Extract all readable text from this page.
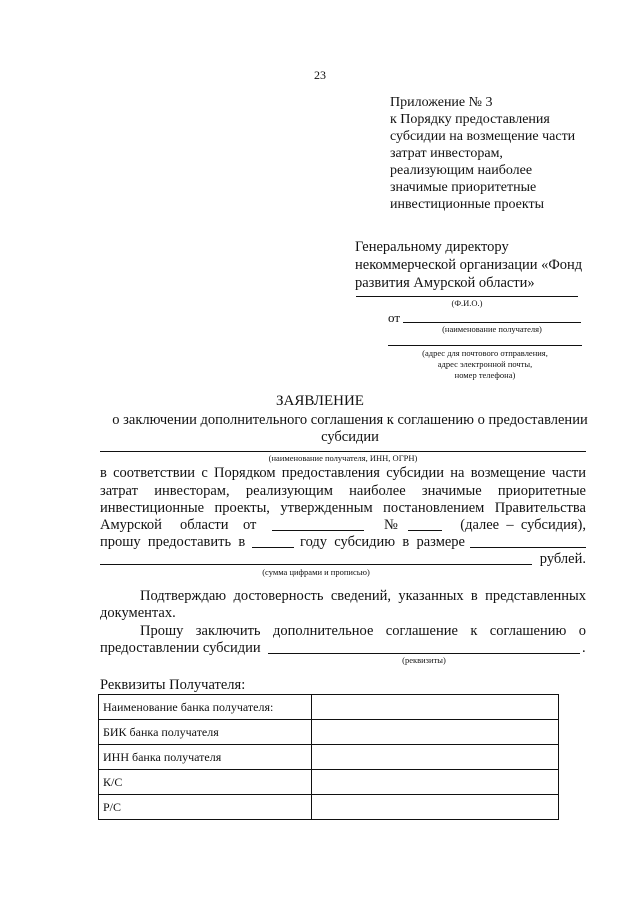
23
Приложение № 3
к Порядку предоставления
субсидии на возмещение части
затрат инвесторам,
реализующим наиболее
значимые приоритетные
инвестиционные проекты
Генеральному директору
некоммерческой организации «Фонд
развития Амурской области»
(Ф.И.О.)
от
(наименование получателя)
(адрес для почтового отправления,
адрес электронной почты,
номер телефона)
ЗАЯВЛЕНИЕ
о заключении дополнительного соглашения к соглашению о предоставлении
субсидии
(наименование получателя, ИНН, ОГРН)
в соответствии с Порядком предоставления субсидии на возмещение части
затрат инвесторам, реализующим наиболее значимые приоритетные
инвестиционные проекты, утвержденным постановлением Правительства
Амурской     области    от	№	(далее  –  субсидия),
прошу  предоставить  в	году  субсидию  в  размере
рублей.
(сумма цифрами и прописью)
Подтверждаю достоверность сведений, указанных в представленных
документах.
Прошу заключить дополнительное соглашение к соглашению о
предоставлении субсидии	.
(реквизиты)
Реквизиты Получателя:
Наименование банка получателя:	
БИК банка получателя	
ИНН банка получателя	
К/С	
Р/С	
